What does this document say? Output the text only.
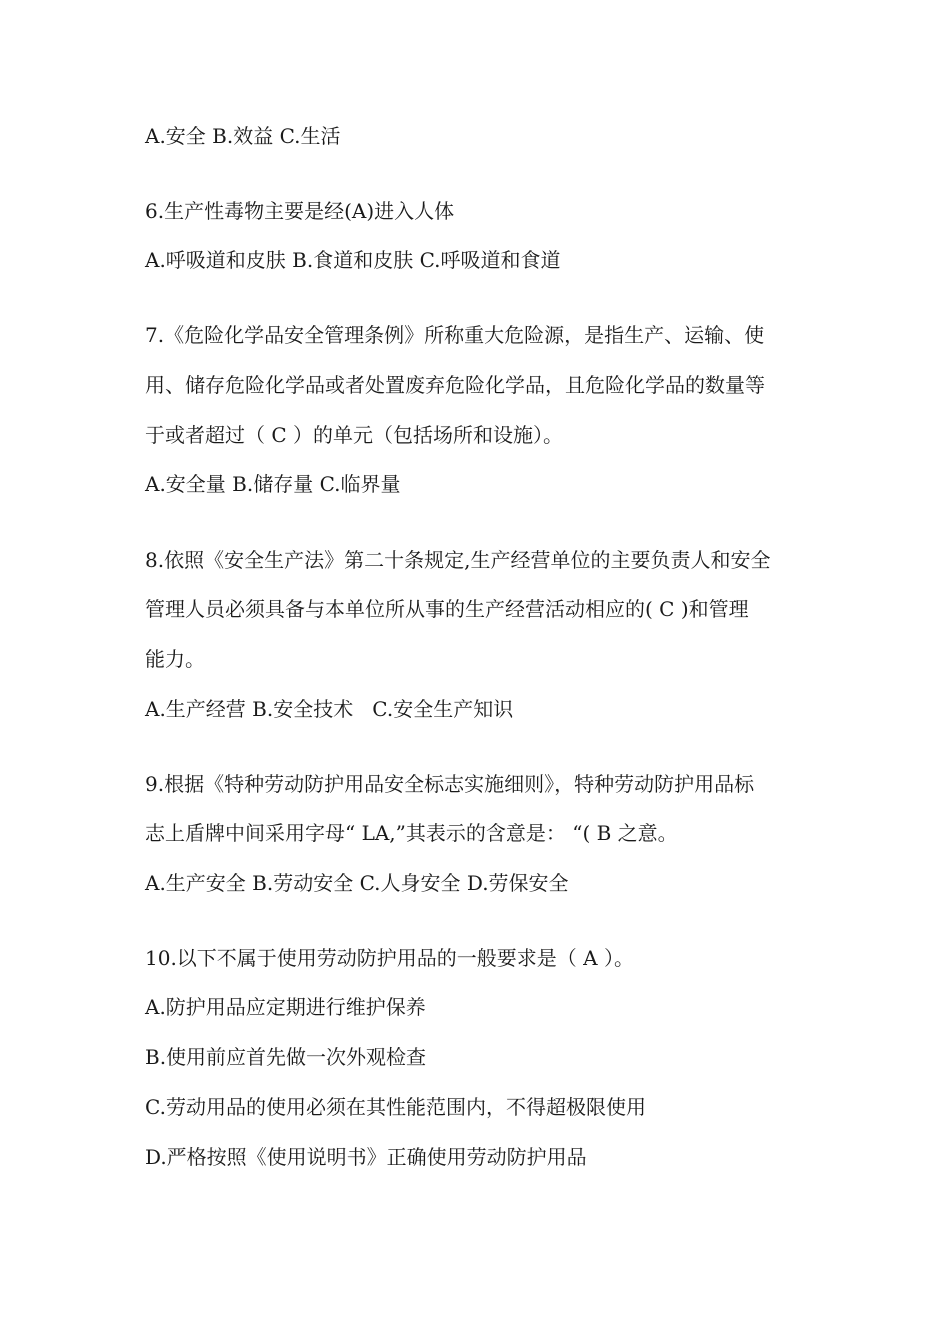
A.安全 B.效益 C.生活
6.生产性毒物主要是经(A)进入人体
A.呼吸道和皮肤 B.食道和皮肤 C.呼吸道和食道
7.《危险化学品安全管理条例》所称重大危险源，是指生产、运输、使
用、储存危险化学品或者处置废弃危险化学品，且危险化学品的数量等
于或者超过（ C ）的单元（包括场所和设施）。
A.安全量 B.储存量 C.临界量
8.依照《安全生产法》第二十条规定,生产经营单位的主要负责人和安全
管理人员必须具备与本单位所从事的生产经营活动相应的( C )和管理
能力。
A.生产经营 B.安全技术   C.安全生产知识
9.根据《特种劳动防护用品安全标志实施细则》，特种劳动防护用品标
志上盾牌中间采用字母“ LA,”其表示的含意是： “( B 之意。
A.生产安全 B.劳动安全 C.人身安全 D.劳保安全
10.以下不属于使用劳动防护用品的一般要求是（ A ）。
A.防护用品应定期进行维护保养
B.使用前应首先做一次外观检查
C.劳动用品的使用必须在其性能范围内，不得超极限使用
D.严格按照《使用说明书》正确使用劳动防护用品
